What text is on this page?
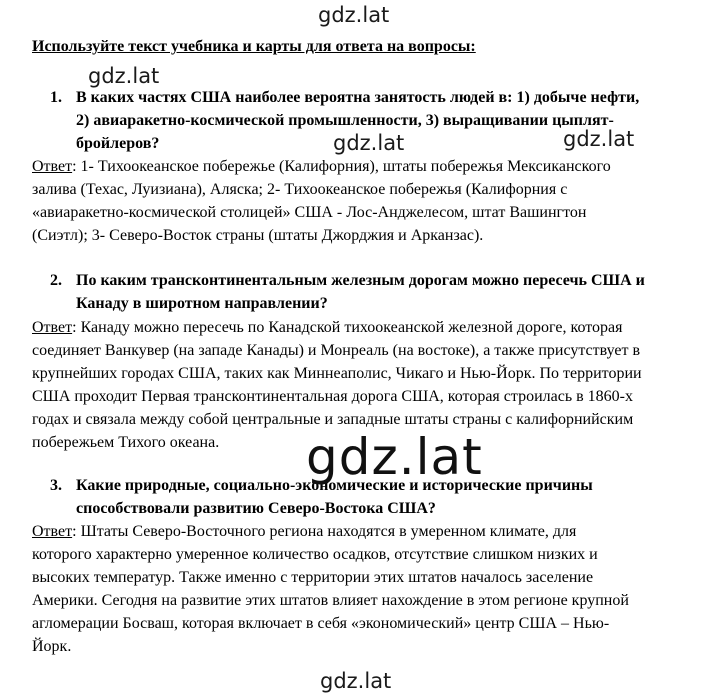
gdz.lat
gdz.lat
gdz.lat	gdz.lat
gdz.lat
gdz.lat
Используйте текст учебника и карты для ответа на вопросы:
1. В каких частях США наиболее вероятна занятость людей в: 1) добыче нефти,
2) авиаракетно-космической промышленности, 3) выращивании цыплят-
бройлеров?
Ответ: 1- Тихоокеанское побережье (Калифорния), штаты побережья Мексиканского
залива (Техас, Луизиана), Аляска; 2- Тихоокеанское побережья (Калифорния с
«авиаракетно-космической столицей» США - Лос-Анджелесом, штат Вашингтон
(Сиэтл); 3- Северо-Восток страны (штаты Джорджия и Арканзас).
2. По каким трансконтинентальным железным дорогам можно пересечь США и
Канаду в широтном направлении?
Ответ: Канаду можно пересечь по Канадской тихоокеанской железной дороге, которая
соединяет Ванкувер (на западе Канады) и Монреаль (на востоке), а также присутствует в
крупнейших городах США, таких как Миннеаполис, Чикаго и Нью-Йорк. По территории
США проходит Первая трансконтинентальная дорога США, которая строилась в 1860-х
годах и связала между собой центральные и западные штаты страны с калифорнийским
побережьем Тихого океана.
3. Какие природные, социально-экономические и исторические причины
способствовали развитию Северо-Востока США?
Ответ: Штаты Северо-Восточного региона находятся в умеренном климате, для
которого характерно умеренное количество осадков, отсутствие слишком низких и
высоких температур. Также именно с территории этих штатов началось заселение
Америки. Сегодня на развитие этих штатов влияет нахождение в этом регионе крупной
агломерации Босваш, которая включает в себя «экономический» центр США – Нью-
Йорк.
